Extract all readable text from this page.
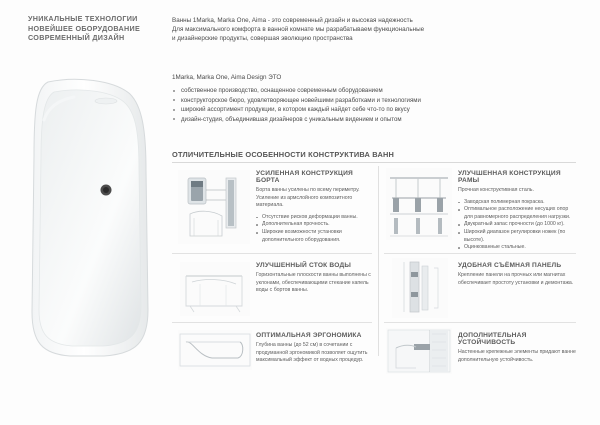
УНИКАЛЬНЫЕ ТЕХНОЛОГИИ
НОВЕЙШЕЕ ОБОРУДОВАНИЕ
СОВРЕМЕННЫЙ ДИЗАЙН
Ванны 1Marka, Marka One, Aima - это современный дизайн и высокая надежность
Для максимального комфорта в ванной комнате мы разрабатываем функциональные
и дизайнерские продукты, совершая эволюцию пространства
1Marka, Marka One, Aima Design ЭТО
собственное производство, оснащенное современным оборудованием
конструкторское бюро, удовлетворяющее новейшими разработками и технологиями
широкий ассортимент продукции, в котором каждый найдет себе что-то по вкусу
дизайн-студия, объединившая дизайнеров с уникальным видением и опытом
ОТЛИЧИТЕЛЬНЫЕ ОСОБЕННОСТИ КОНСТРУКТИВА ВАНН
УСИЛЕННАЯ КОНСТРУКЦИЯ БОРТА

Борта ванны усилены по всему периметру. Усиление из армслойного композитного материала.

Отсутствие рисков деформации ванны.
Дополнительная прочность.
Широкие возможности установки дополнительного оборудования.
УЛУЧШЕННАЯ КОНСТРУКЦИЯ РАМЫ

Прочная конструктивная сталь.

Заводская полимерная покраска.
Оптимальное расположение несущих опор для равномерного распределения нагрузки.
Двукратный запас прочности (до 1000 кг).
Широкий диапазон регулировки ножек (по высоте).
Оцинкованные стальные.
УЛУЧШЕННЫЙ СТОК ВОДЫ

Горизонтальные плоскости ванны выполнены с уклонами, обеспечивающими стекание капель воды с бортов ванны.

УДОБНАЯ СЪЁМНАЯ ПАНЕЛЬ

Крепление панели на прочных или магнитах обеспечивает простоту установки и демонтажа.

ОПТИМАЛЬНАЯ ЭРГОНОМИКА

Глубина ванны (до 52 см) в сочетании с продуманной эргономикой позволяет ощутить максимальный эффект от водных процедур.

ДОПОЛНИТЕЛЬНАЯ УСТОЙЧИВОСТЬ

Настенные крепежные элементы придают ванне дополнительную устойчивость.
